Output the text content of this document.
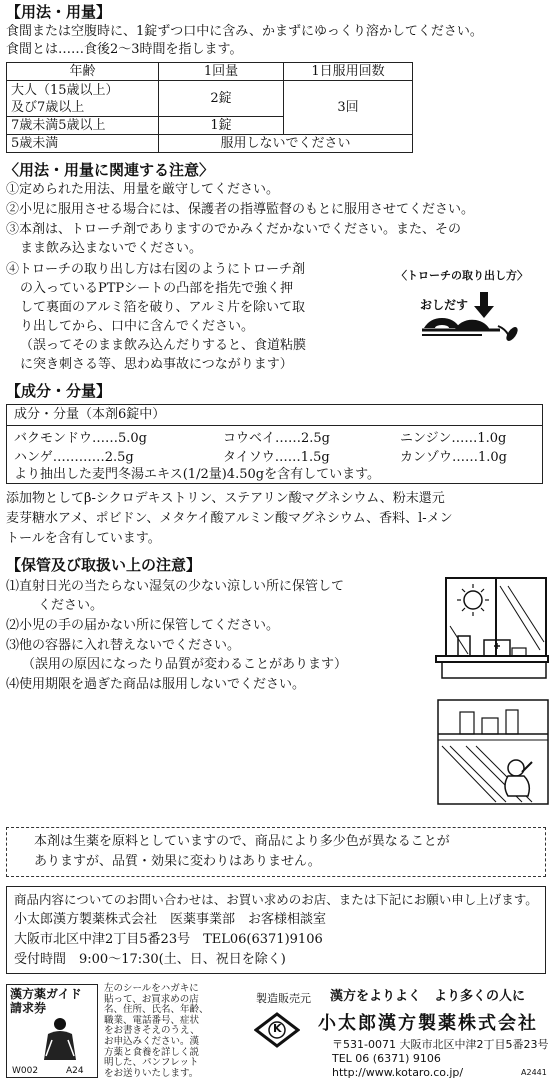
【用法・用量】
食間または空腹時に、1錠ずつ口中に含み、かまずにゆっくり溶かしてください。
食間とは……食後2～3時間を指します。
年齢	1回量	1日服用回数
大人（15歳以上）
及び7歳以上	2錠	3回
7歳未満5歳以上	1錠	
5歳未満	服用しないでください	
〈用法・用量に関連する注意〉
①定められた用法、用量を厳守してください。
②小児に服用させる場合には、保護者の指導監督のもとに服用させてください。
③本剤は、トローチ剤でありますのでかみくだかないでください。また、その
まま飲み込まないでください。
④トローチの取り出し方は右図のようにトローチ剤
の入っているPTPシートの凸部を指先で強く押
して裏面のアルミ箔を破り、アルミ片を除いて取
り出してから、口中に含んでください。
（誤ってそのまま飲み込んだりすると、食道粘膜
に突き刺さる等、思わぬ事故につながります）
〈トローチの取り出し方〉
おしだす
【成分・分量】
成分・分量（本剤6錠中）
バクモンドウ……5.0g	コウベイ……2.5g	ニンジン……1.0g
ハンゲ…………2.5g	タイソウ……1.5g	カンゾウ……1.0g
より抽出した麦門冬湯エキス(1/2量)4.50gを含有しています。
添加物としてβ-シクロデキストリン、ステアリン酸マグネシウム、粉末還元
麦芽糖水アメ、ポビドン、メタケイ酸アルミン酸マグネシウム、香料、l-メン
トールを含有しています。
【保管及び取扱い上の注意】
⑴直射日光の当たらない湿気の少ない涼しい所に保管して
ください。
⑵小児の手の届かない所に保管してください。
⑶他の容器に入れ替えないでください。
（誤用の原因になったり品質が変わることがあります）
⑷使用期限を過ぎた商品は服用しないでください。
本剤は生薬を原料としていますので、商品により多少色が異なることが
ありますが、品質・効果に変わりはありません。
商品内容についてのお問い合わせは、お買い求めのお店、または下記にお願い申し上げます。
小太郎漢方製薬株式会社　医薬事業部　お客様相談室
大阪市北区中津2丁目5番23号　TEL06(6371)9106
受付時間　9:00～17:30(土、日、祝日を除く)
漢方薬ガイド
請求券
W002	A24
左のシールをハガキに
貼って、お買求めの店
名、住所、氏名、年齢、
職業、電話番号、症状
をお書きそえのうえ、
お申込みください。漢
方薬と食養を詳しく説
明した、パンフレット
をお送りいたします。
製造販売元 漢方をよりよく　より多くの人に
K 小太郎漢方製薬株式会社
〒531-0071 大阪市北区中津2丁目5番23号
TEL 06 (6371) 9106
http://www.kotaro.co.jp/	A2441
